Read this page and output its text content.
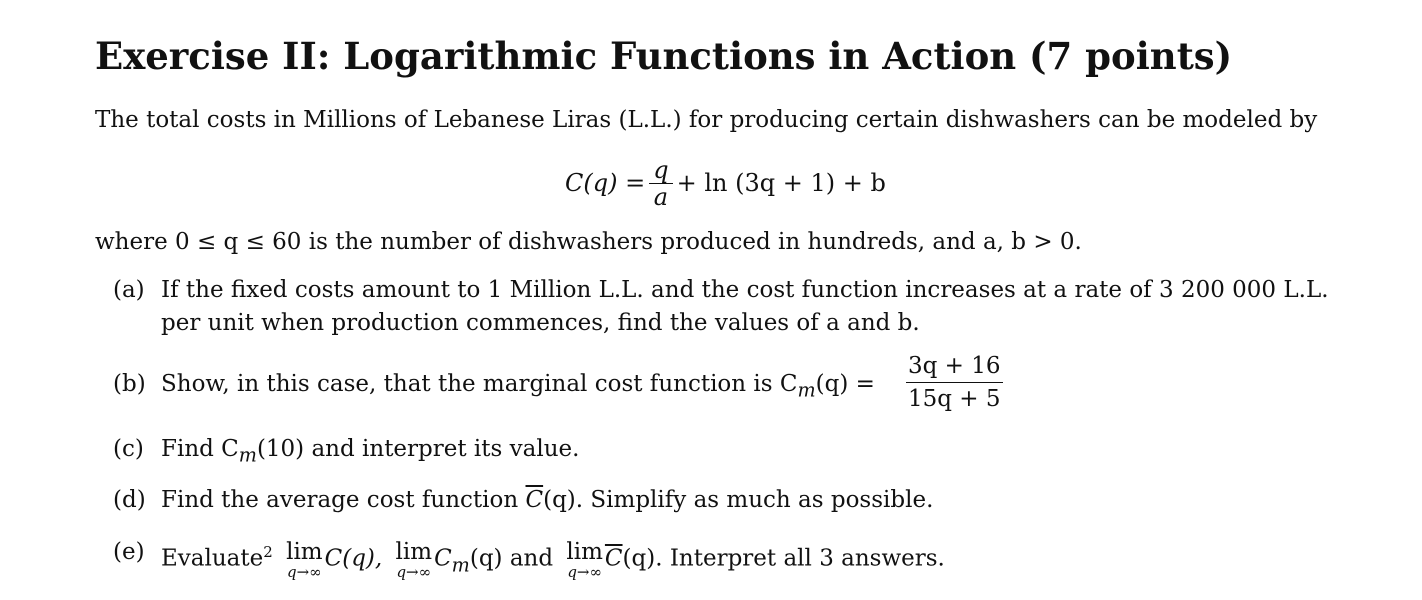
Exercise II: Logarithmic Functions in Action (7 points)
The total costs in Millions of Lebanese Liras (L.L.) for producing certain dishwashers can be modeled by
$C(q) = \frac{q}{a} + \ln (3q + 1) + b$
where 0 ≤ q ≤ 60 is the number of dishwashers produced in hundreds, and a, b > 0.
(a) If the fixed costs amount to 1 Million L.L. and the cost function increases at a rate of 3 200 000 L.L.
per unit when production commences, find the values of a and b.
(b) Show, in this case, that the marginal cost function is $C_m(q)$ =
3q + 16
15q + 5
(c) Find $C_m(10)$ and interpret its value.
(d) Find the average cost function $\overline{C}(q)$. Simplify as much as possible.
(e) Evaluate$^2$ lim
q→∞
C(q), lim
q→∞
$C_m(q)$ and lim
q→∞
$\overline{C}(q)$. Interpret all 3 answers.
